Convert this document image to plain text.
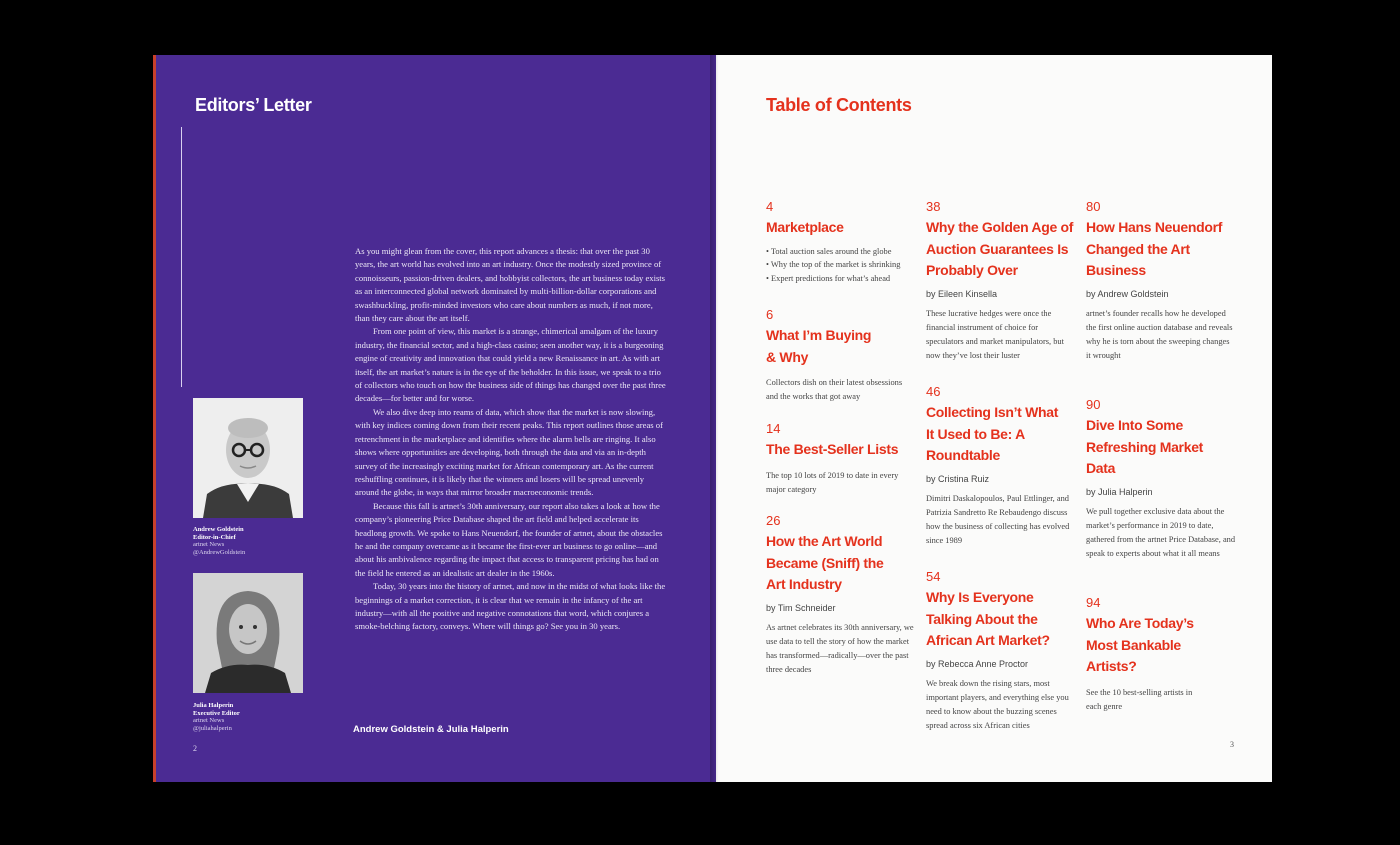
Editors’ Letter
Andrew Goldstein
Editor-in-Chief
artnet News
@AndrewGoldstein
Julia Halperin
Executive Editor
artnet News
@juliahalperin

As you might glean from the cover, this report advances a thesis: that over the past 30 years, the art world has evolved into an art industry. Once the modestly sized province of connoisseurs, passion-driven dealers, and hobbyist collectors, the art business today exists as an interconnected global network dominated by multi-billion-dollar corporations and swashbuckling, profit-minded investors who care about numbers as much, if not more, than they care about the art itself.

From one point of view, this market is a strange, chimerical amalgam of the luxury industry, the financial sector, and a high-class casino; seen another way, it is a burgeoning engine of creativity and innovation that could yield a new Renaissance in art. As with art itself, the art market’s nature is in the eye of the beholder. In this issue, we speak to a trio of collectors who touch on how the business side of things has changed over the past three decades—for better and for worse.

We also dive deep into reams of data, which show that the market is now slowing, with key indices coming down from their recent peaks. This report outlines those areas of retrenchment in the marketplace and identifies where the alarm bells are ringing. It also shows where opportunities are developing, both through the data and via an in-depth survey of the increasingly exciting market for African contemporary art. As the current reshuffling continues, it is likely that the winners and losers will be spread unevenly around the globe, in ways that mirror broader macroeconomic trends.

Because this fall is artnet’s 30th anniversary, our report also takes a look at how the company’s pioneering Price Database shaped the art field and helped accelerate its headlong growth. We spoke to Hans Neuendorf, the founder of artnet, about the obstacles he and the company overcame as it became the first-ever art business to go online—and about his ambivalence regarding the impact that access to transparent pricing has had on the field he entered as an idealistic art dealer in the 1960s.

Today, 30 years into the history of artnet, and now in the midst of what looks like the beginnings of a market correction, it is clear that we remain in the infancy of the art industry—with all the positive and negative connotations that word, which conjures a smoke-belching factory, conveys. Where will things go? See you in 30 years.

Andrew Goldstein & Julia Halperin
2
Table of Contents
4
Marketplace
• Total auction sales around the globe
• Why the top of the market is shrinking
• Expert predictions for what’s ahead
6
What I’m Buying
& Why
Collectors dish on their latest obsessions and the works that got away
14
The Best-Seller Lists
The top 10 lots of 2019 to date in every major category
26
How the Art World Became (Sniff) the Art Industry
by Tim Schneider
As artnet celebrates its 30th anniversary, we use data to tell the story of how the market has transformed—radically—over the past three decades
38
Why the Golden Age of Auction Guarantees Is Probably Over
by Eileen Kinsella
These lucrative hedges were once the financial instrument of choice for speculators and market manipulators, but now they’ve lost their luster
46
Collecting Isn’t What It Used to Be: A Roundtable
by Cristina Ruiz
Dimitri Daskalopoulos, Paul Ettlinger, and Patrizia Sandretto Re Rebaudengo discuss how the business of collecting has evolved since 1989
54
Why Is Everyone Talking About the African Art Market?
by Rebecca Anne Proctor
We break down the rising stars, most important players, and everything else you need to know about the buzzing scenes spread across six African cities
80
How Hans Neuendorf Changed the Art Business
by Andrew Goldstein
artnet’s founder recalls how he developed the first online auction database and reveals why he is torn about the sweeping changes it wrought
90
Dive Into Some Refreshing Market Data
by Julia Halperin
We pull together exclusive data about the market’s performance in 2019 to date, gathered from the artnet Price Database, and speak to experts about what it all means
94
Who Are Today’s Most Bankable Artists?
See the 10 best-selling artists in each genre
3
